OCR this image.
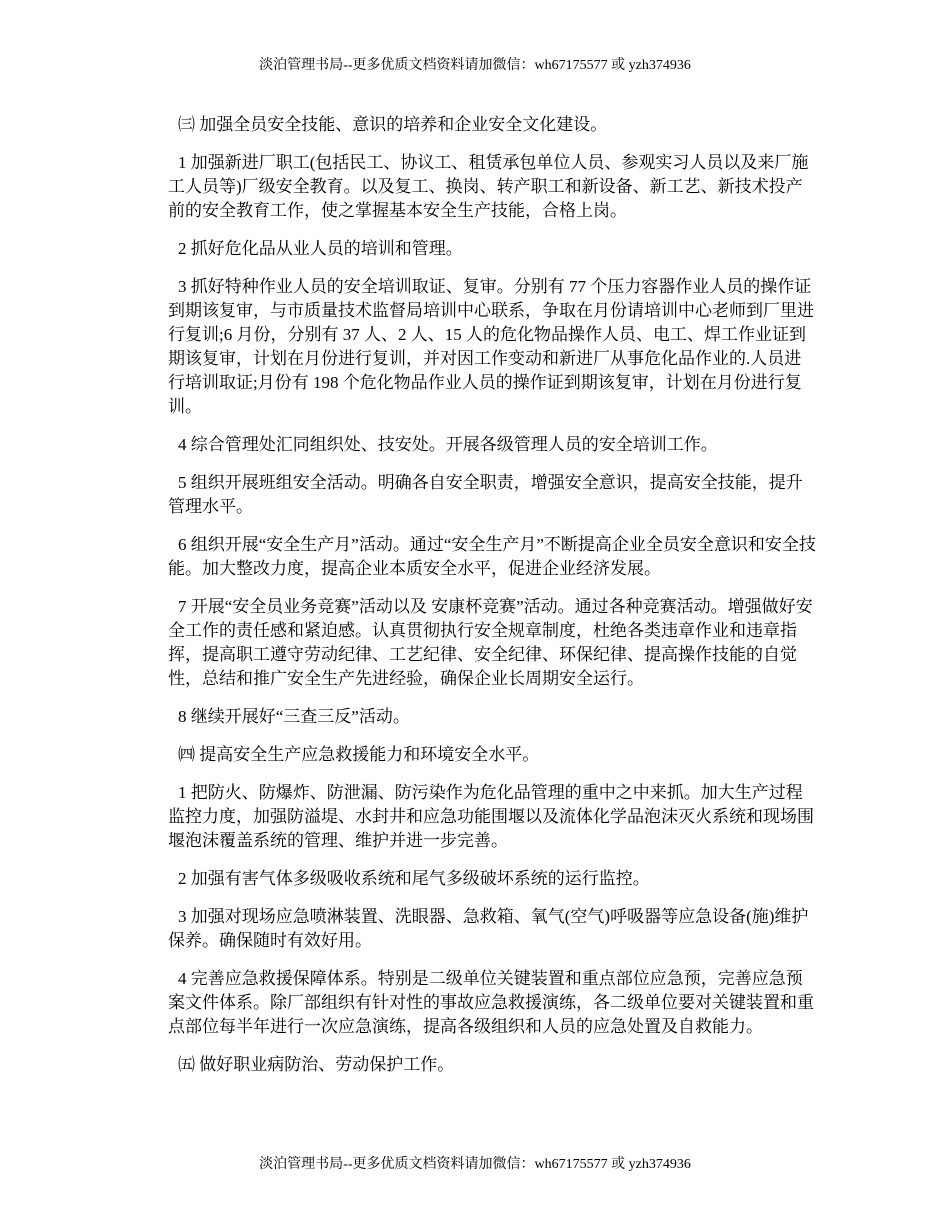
淡泊管理书局--更多优质文档资料请加微信：wh67175577 或 yzh374936

㈢ 加强全员安全技能、意识的培养和企业安全文化建设。

1 加强新进厂职工(包括民工、协议工、租赁承包单位人员、参观实习人员以及来厂施工人员等)厂级安全教育。以及复工、换岗、转产职工和新设备、新工艺、新技术投产前的安全教育工作，使之掌握基本安全生产技能，合格上岗。

2 抓好危化品从业人员的培训和管理。

3 抓好特种作业人员的安全培训取证、复审。分别有 77 个压力容器作业人员的操作证到期该复审，与市质量技术监督局培训中心联系，争取在月份请培训中心老师到厂里进行复训;6 月份，分别有 37 人、2 人、15 人的危化物品操作人员、电工、焊工作业证到期该复审，计划在月份进行复训，并对因工作变动和新进厂从事危化品作业的.人员进行培训取证;月份有 198 个危化物品作业人员的操作证到期该复审，计划在月份进行复训。

4 综合管理处汇同组织处、技安处。开展各级管理人员的安全培训工作。

5 组织开展班组安全活动。明确各自安全职责，增强安全意识，提高安全技能，提升管理水平。

6 组织开展“安全生产月”活动。通过“安全生产月”不断提高企业全员安全意识和安全技能。加大整改力度，提高企业本质安全水平，促进企业经济发展。

7 开展“安全员业务竞赛”活动以及 安康杯竞赛”活动。通过各种竞赛活动。增强做好安全工作的责任感和紧迫感。认真贯彻执行安全规章制度，杜绝各类违章作业和违章指挥，提高职工遵守劳动纪律、工艺纪律、安全纪律、环保纪律、提高操作技能的自觉性，总结和推广安全生产先进经验，确保企业长周期安全运行。

8 继续开展好“三查三反”活动。

㈣ 提高安全生产应急救援能力和环境安全水平。

1 把防火、防爆炸、防泄漏、防污染作为危化品管理的重中之中来抓。加大生产过程监控力度，加强防溢堤、水封井和应急功能围堰以及流体化学品泡沫灭火系统和现场围堰泡沫覆盖系统的管理、维护并进一步完善。

2 加强有害气体多级吸收系统和尾气多级破坏系统的运行监控。

3 加强对现场应急喷淋装置、洗眼器、急救箱、氧气(空气)呼吸器等应急设备(施)维护保养。确保随时有效好用。

4 完善应急救援保障体系。特别是二级单位关键装置和重点部位应急预，完善应急预案文件体系。除厂部组织有针对性的事故应急救援演练，各二级单位要对关键装置和重点部位每半年进行一次应急演练，提高各级组织和人员的应急处置及自救能力。

㈤ 做好职业病防治、劳动保护工作。

淡泊管理书局--更多优质文档资料请加微信：wh67175577 或 yzh374936
